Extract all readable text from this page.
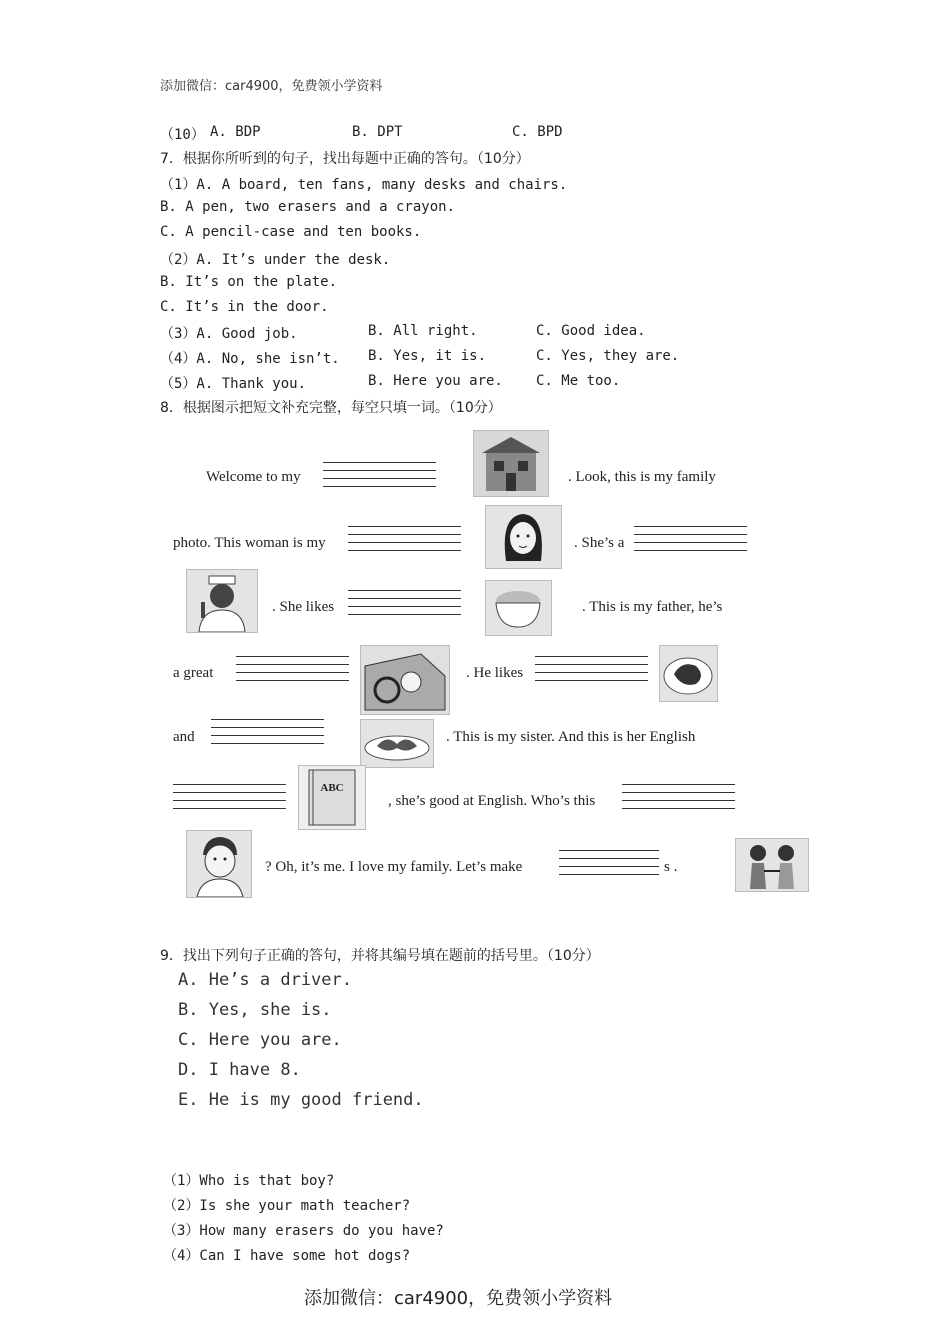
添加微信：car4900，免费领小学资料
（10） A. BDP	B. DPT	C. BPD
7．根据你所听到的句子，找出每题中正确的答句。（10分）
（1）A. A board, ten fans, many desks and chairs.
B. A pen, two erasers and a crayon.
C. A pencil-case and ten books.
（2）A. It’s under the desk.
B. It’s on the plate.
C. It’s in the door.
（3）A. Good job.	B. All right.	C. Good idea.
（4）A. No, she isn’t. B. Yes, it is.	C. Yes, they are.
（5）A. Thank you.	B. Here you are. C. Me too.
8．根据图示把短文补充完整，每空只填一词。（10分）
Welcome to my	. Look, this is my family
photo. This woman is my	. She’s a
. She likes	. This is my father, he’s
a great	. He likes
and	. This is my sister. And this is her English
ABC
, she’s good at English. Who’s this
? Oh, it’s me. I love my family. Let’s make	s .
9．找出下列句子正确的答句，并将其编号填在题前的括号里。（10分）
A. He’s a driver.
B. Yes, she is.
C. Here you are.
D. I have 8.
E. He is my good friend.
（1）Who is that boy?
（2）Is she your math teacher?
（3）How many erasers do you have?
（4）Can I have some hot dogs?
添加微信：car4900，免费领小学资料
